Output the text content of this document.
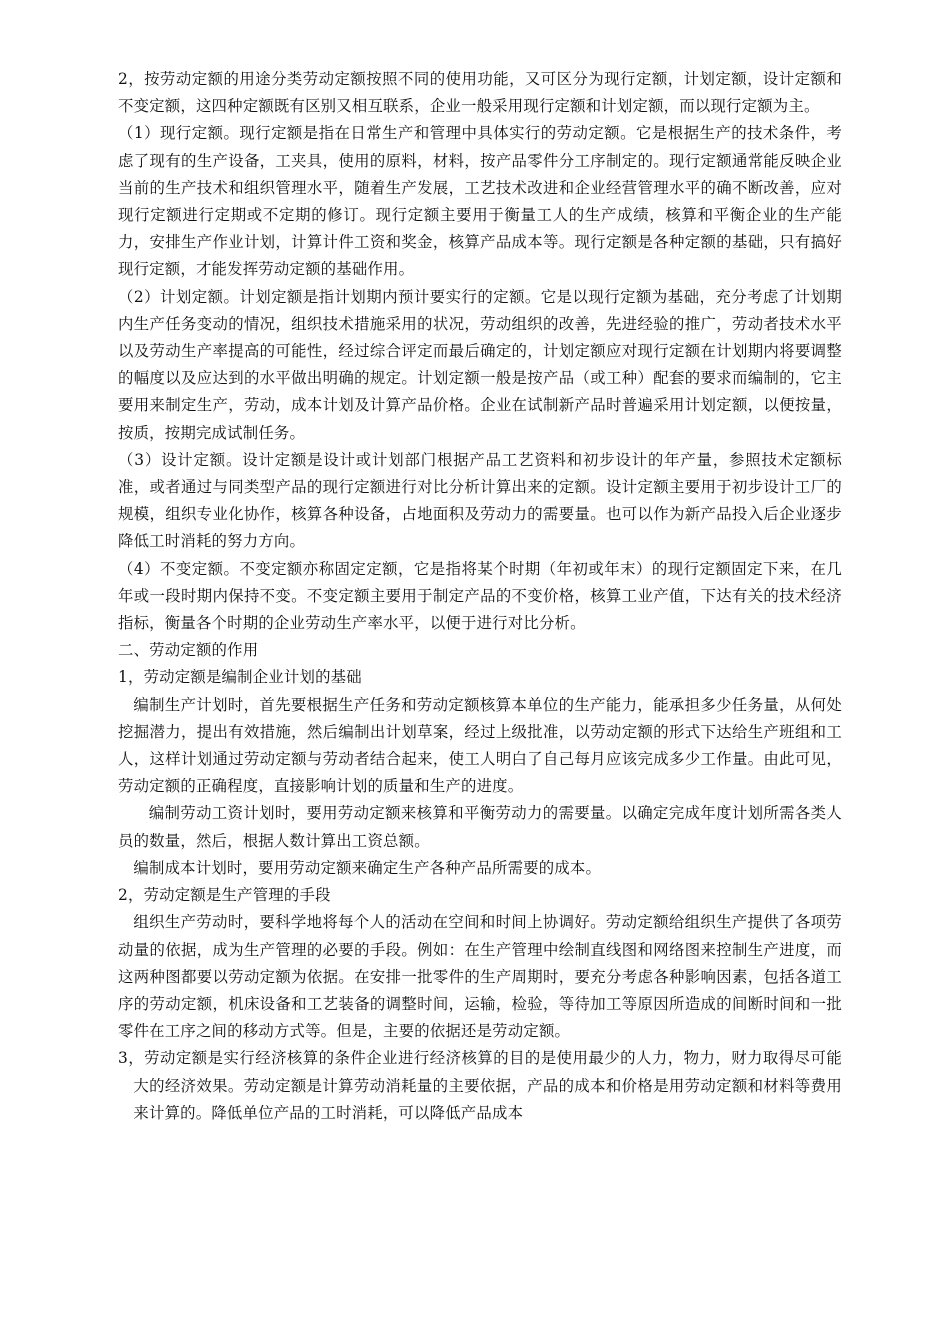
2，按劳动定额的用途分类劳动定额按照不同的使用功能，又可区分为现行定额，计划定额，设计定额和不变定额，这四种定额既有区别又相互联系，企业一般采用现行定额和计划定额，而以现行定额为主。

（1）现行定额。现行定额是指在日常生产和管理中具体实行的劳动定额。它是根据生产的技术条件，考虑了现有的生产设备，工夹具，使用的原料，材料，按产品零件分工序制定的。现行定额通常能反映企业当前的生产技术和组织管理水平，随着生产发展，工艺技术改进和企业经营管理水平的确不断改善，应对现行定额进行定期或不定期的修订。现行定额主要用于衡量工人的生产成绩，核算和平衡企业的生产能力，安排生产作业计划，计算计件工资和奖金，核算产品成本等。现行定额是各种定额的基础，只有搞好现行定额，才能发挥劳动定额的基础作用。

（2）计划定额。计划定额是指计划期内预计要实行的定额。它是以现行定额为基础，充分考虑了计划期内生产任务变动的情况，组织技术措施采用的状况，劳动组织的改善，先进经验的推广，劳动者技术水平以及劳动生产率提高的可能性，经过综合评定而最后确定的，计划定额应对现行定额在计划期内将要调整的幅度以及应达到的水平做出明确的规定。计划定额一般是按产品（或工种）配套的要求而编制的，它主要用来制定生产，劳动，成本计划及计算产品价格。企业在试制新产品时普遍采用计划定额，以便按量，按质，按期完成试制任务。

（3）设计定额。设计定额是设计或计划部门根据产品工艺资料和初步设计的年产量，参照技术定额标准，或者通过与同类型产品的现行定额进行对比分析计算出来的定额。设计定额主要用于初步设计工厂的规模，组织专业化协作，核算各种设备，占地面积及劳动力的需要量。也可以作为新产品投入后企业逐步降低工时消耗的努力方向。

（4）不变定额。不变定额亦称固定定额，它是指将某个时期（年初或年末）的现行定额固定下来，在几年或一段时期内保持不变。不变定额主要用于制定产品的不变价格，核算工业产值，下达有关的技术经济指标，衡量各个时期的企业劳动生产率水平，以便于进行对比分析。

二、劳动定额的作用

1，劳动定额是编制企业计划的基础

编制生产计划时，首先要根据生产任务和劳动定额核算本单位的生产能力，能承担多少任务量，从何处挖掘潜力，提出有效措施，然后编制出计划草案，经过上级批准，以劳动定额的形式下达给生产班组和工人，这样计划通过劳动定额与劳动者结合起来，使工人明白了自己每月应该完成多少工作量。由此可见，劳动定额的正确程度，直接影响计划的质量和生产的进度。

编制劳动工资计划时，要用劳动定额来核算和平衡劳动力的需要量。以确定完成年度计划所需各类人员的数量，然后，根据人数计算出工资总额。

编制成本计划时，要用劳动定额来确定生产各种产品所需要的成本。

2，劳动定额是生产管理的手段

组织生产劳动时，要科学地将每个人的活动在空间和时间上协调好。劳动定额给组织生产提供了各项劳动量的依据，成为生产管理的必要的手段。例如：在生产管理中绘制直线图和网络图来控制生产进度，而这两种图都要以劳动定额为依据。在安排一批零件的生产周期时，要充分考虑各种影响因素，包括各道工序的劳动定额，机床设备和工艺装备的调整时间，运输，检验，等待加工等原因所造成的间断时间和一批零件在工序之间的移动方式等。但是，主要的依据还是劳动定额。

3，劳动定额是实行经济核算的条件企业进行经济核算的目的是使用最少的人力，物力，财力取得尽可能大的经济效果。劳动定额是计算劳动消耗量的主要依据，产品的成本和价格是用劳动定额和材料等费用来计算的。降低单位产品的工时消耗，可以降低产品成本
